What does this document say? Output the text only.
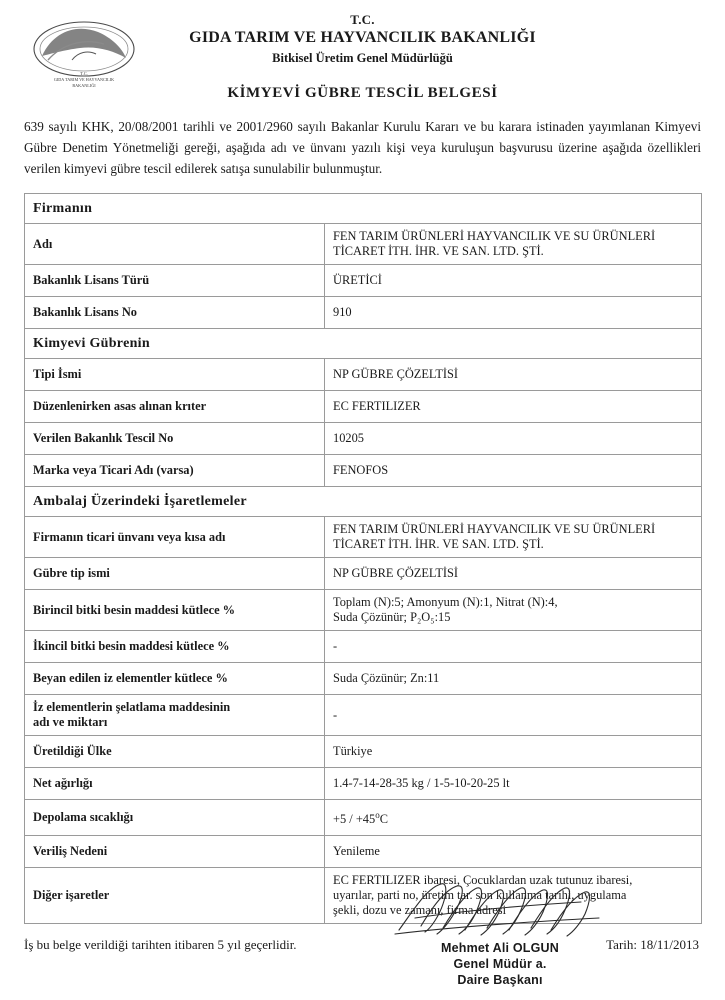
T.C.
GIDA TARIM VE HAYVANCILIK
BAKANLIĞI
T.C.
GIDA TARIM VE HAYVANCILIK BAKANLIĞI
Bitkisel Üretim Genel Müdürlüğü
KİMYEVİ GÜBRE TESCİL BELGESİ

639 sayılı KHK, 20/08/2001 tarihli ve 2001/2960 sayılı Bakanlar Kurulu Kararı ve bu karara istinaden yayımlanan Kimyevi Gübre Denetim Yönetmeliği gereği, aşağıda adı ve ünvanı yazılı kişi veya kuruluşun başvurusu üzerine aşağıda özellikleri verilen kimyevi gübre tescil edilerek satışa sunulabilir bulunmuştur.

Firmanın	
Adı	FEN TARIM ÜRÜNLERİ HAYVANCILIK VE SU ÜRÜNLERİ
TİCARET İTH. İHR. VE SAN. LTD. ŞTİ.

Bakanlık Lisans Türü	ÜRETİCİ
Bakanlık Lisans No	910
Kimyevi Gübrenin	
Tipi İsmi	NP GÜBRE ÇÖZELTİSİ
Düzenlenirken asas alınan krıter	EC FERTILIZER
Verilen Bakanlık Tescil No	10205
Marka veya Ticari Adı (varsa)	FENOFOS
Ambalaj Üzerindeki İşaretlemeler	
Firmanın ticari ünvanı veya kısa adı	FEN TARIM ÜRÜNLERİ HAYVANCILIK VE SU ÜRÜNLERİ
TİCARET İTH. İHR. VE SAN. LTD. ŞTİ.

Gübre tip ismi	NP GÜBRE ÇÖZELTİSİ
Birincil bitki besin maddesi kütlece %	Toplam (N):5; Amonyum (N):1, Nitrat (N):4,
Suda Çözünür; P₂O₅:15

İkincil bitki besin maddesi kütlece %	-
Beyan edilen iz elementler kütlece %	Suda Çözünür; Zn:11

İz elementlerin şelatlama maddesinin
adı ve miktarı	-
Üretildiği Ülke	Türkiye
Net ağırlığı	1.4-7-14-28-35 kg / 1-5-10-20-25 lt
Depolama sıcaklığı	$+5 / +45^oC$
Veriliş Nedeni	Yenileme
Diğer işaretler	EC FERTILIZER ibaresi, Çocuklardan uzak tutunuz ibaresi,
uyarılar, parti no, üretim tar. son kullanma tarihi, uygulama
şekli, dozu ve zamanı, firma adresi
İş bu belge verildiği tarihten itibaren 5 yıl geçerlidir.	Tarih: 18/11/2013
Mehmet Ali OLGUN
Genel Müdür a.
Daire Başkanı
